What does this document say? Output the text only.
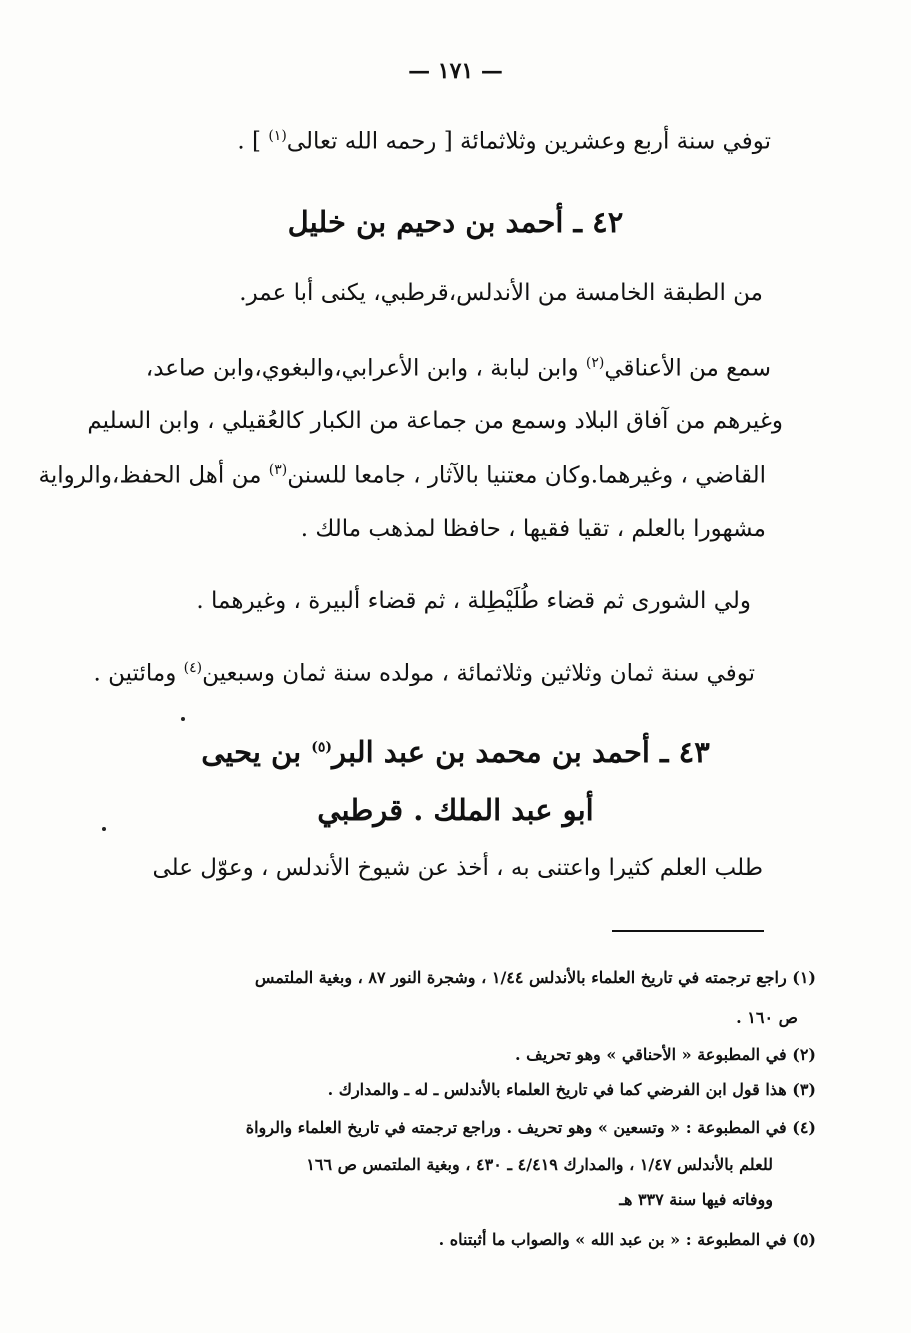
— ١٧١ —
توفي سنة أربع وعشرين وثلاثمائة [ رحمه الله تعالى$^{(١)}$ ] .
٤٢ ـ أحمد بن دحيم بن خليل
من الطبقة الخامسة من الأندلس،قرطبي، يكنى أبا عمر.
سمع من الأعناقي$^{(٢)}$ وابن لبابة ، وابن الأعرابي،والبغوي،وابن صاعد،
وغيرهم من آفاق البلاد وسمع من جماعة من الكبار كالعُقيلي ، وابن السليم
القاضي ، وغيرهما.وكان معتنيا بالآثار ، جامعا للسنن$^{(٣)}$ من أهل الحفظ،والرواية
مشهورا بالعلم ، تقيا فقيها ، حافظا لمذهب مالك .
ولي الشورى ثم قضاء طُلَيْطِلة ، ثم قضاء ألبيرة ، وغيرهما .
توفي سنة ثمان وثلاثين وثلاثمائة ، مولده سنة ثمان وسبعين$^{(٤)}$ ومائتين .
٤٣ ـ أحمد بن محمد بن عبد البر$^{(٥)}$ بن يحيى
أبو عبد الملك . قرطبي
طلب العلم كثيرا واعتنى به ، أخذ عن شيوخ الأندلس ، وعوّل على
(١) راجع ترجمته في تاريخ العلماء بالأندلس ١/٤٤ ، وشجرة النور ٨٧ ، وبغية الملتمس
ص ١٦٠ .
(٢) في المطبوعة « الأحناقي » وهو تحريف .
(٣) هذا قول ابن الفرضي كما في تاريخ العلماء بالأندلس ـ له ـ والمدارك .
(٤) في المطبوعة : « وتسعين » وهو تحريف . وراجع ترجمته في تاريخ العلماء والرواة
للعلم بالأندلس ١/٤٧ ، والمدارك ٤/٤١٩ ـ ٤٣٠ ، وبغية الملتمس ص ١٦٦
ووفاته فيها سنة ٣٣٧ هـ
(٥) في المطبوعة : « بن عبد الله » والصواب ما أثبتناه .
